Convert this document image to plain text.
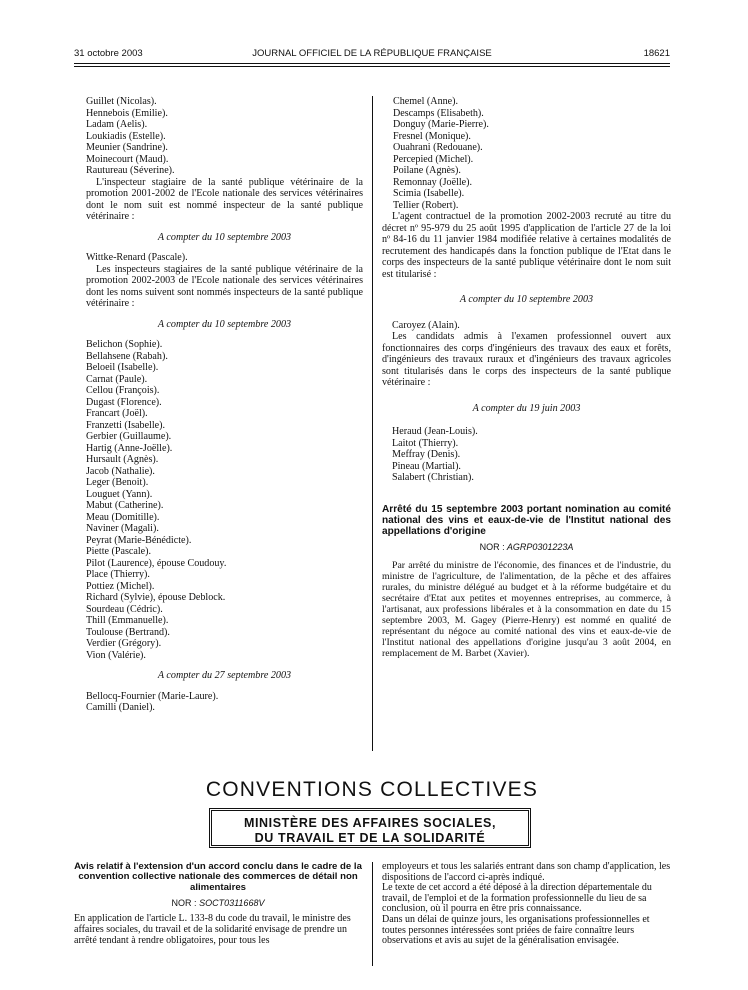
31 octobre 2003	JOURNAL OFFICIEL DE LA RÉPUBLIQUE FRANÇAISE	18621
Guillet (Nicolas).
Hennebois (Emilie).
Ladam (Aelis).
Loukiadis (Estelle).
Meunier (Sandrine).
Moinecourt (Maud).
Rautureau (Séverine).
L'inspecteur stagiaire de la santé publique vétérinaire de la promotion 2001-2002 de l'Ecole nationale des services vétérinaires dont le nom suit est nommé inspecteur de la santé publique vétérinaire :
A compter du 10 septembre 2003
Wittke-Renard (Pascale).
Les inspecteurs stagiaires de la santé publique vétérinaire de la promotion 2002-2003 de l'Ecole nationale des services vétérinaires dont les noms suivent sont nommés inspecteurs de la santé publique vétérinaire :
A compter du 10 septembre 2003
Belichon (Sophie).
Bellahsene (Rabah).
Beloeil (Isabelle).
Carnat (Paule).
Cellou (François).
Dugast (Florence).
Francart (Joël).
Franzetti (Isabelle).
Gerbier (Guillaume).
Hartig (Anne-Joëlle).
Hursault (Agnès).
Jacob (Nathalie).
Leger (Benoit).
Louguet (Yann).
Mabut (Catherine).
Meau (Domitille).
Naviner (Magali).
Peyrat (Marie-Bénédicte).
Piette (Pascale).
Pilot (Laurence), épouse Coudouy.
Place (Thierry).
Pottiez (Michel).
Richard (Sylvie), épouse Deblock.
Sourdeau (Cédric).
Thill (Emmanuelle).
Toulouse (Bertrand).
Verdier (Grégory).
Vion (Valérie).
A compter du 27 septembre 2003
Bellocq-Fournier (Marie-Laure).
Camilli (Daniel).
Chemel (Anne).
Descamps (Elisabeth).
Donguy (Marie-Pierre).
Fresnel (Monique).
Ouahrani (Redouane).
Percepied (Michel).
Poilane (Agnès).
Remonnay (Joëlle).
Scimia (Isabelle).
Tellier (Robert).
L'agent contractuel de la promotion 2002-2003 recruté au titre du décret nº 95-979 du 25 août 1995 d'application de l'article 27 de la loi nº 84-16 du 11 janvier 1984 modifiée relative à certaines modalités de recrutement des handicapés dans la fonction publique de l'Etat dans le corps des inspecteurs de la santé publique vétérinaire dont le nom suit est titularisé :
A compter du 10 septembre 2003
Caroyez (Alain).
Les candidats admis à l'examen professionnel ouvert aux fonctionnaires des corps d'ingénieurs des travaux des eaux et forêts, d'ingénieurs des travaux ruraux et d'ingénieurs des travaux agricoles sont titularisés dans le corps des inspecteurs de la santé publique vétérinaire :
A compter du 19 juin 2003
Heraud (Jean-Louis).
Laitot (Thierry).
Meffray (Denis).
Pineau (Martial).
Salabert (Christian).
Arrêté du 15 septembre 2003 portant nomination au comité national des vins et eaux-de-vie de l'Institut national des appellations d'origine
NOR : AGRP0301223A
Par arrêté du ministre de l'économie, des finances et de l'industrie, du ministre de l'agriculture, de l'alimentation, de la pêche et des affaires rurales, du ministre délégué au budget et à la réforme budgétaire et du secrétaire d'Etat aux petites et moyennes entreprises, au commerce, à l'artisanat, aux professions libérales et à la consommation en date du 15 septembre 2003, M. Gagey (Pierre-Henry) est nommé en qualité de représentant du négoce au comité national des vins et eaux-de-vie de l'Institut national des appellations d'origine jusqu'au 3 août 2004, en remplacement de M. Barbet (Xavier).
CONVENTIONS COLLECTIVES
MINISTÈRE DES AFFAIRES SOCIALES,
DU TRAVAIL ET DE LA SOLIDARITÉ
Avis relatif à l'extension d'un accord conclu dans le cadre de la convention collective nationale des commerces de détail non alimentaires
NOR : SOCT0311668V
En application de l'article L. 133-8 du code du travail, le ministre des affaires sociales, du travail et de la solidarité envisage de prendre un arrêté tendant à rendre obligatoires, pour tous les
employeurs et tous les salariés entrant dans son champ d'application, les dispositions de l'accord ci-après indiqué.
Le texte de cet accord a été déposé à la direction départementale du travail, de l'emploi et de la formation professionnelle du lieu de sa conclusion, où il pourra en être pris connaissance.
Dans un délai de quinze jours, les organisations professionnelles et toutes personnes intéressées sont priées de faire connaître leurs observations et avis au sujet de la généralisation envisagée.
